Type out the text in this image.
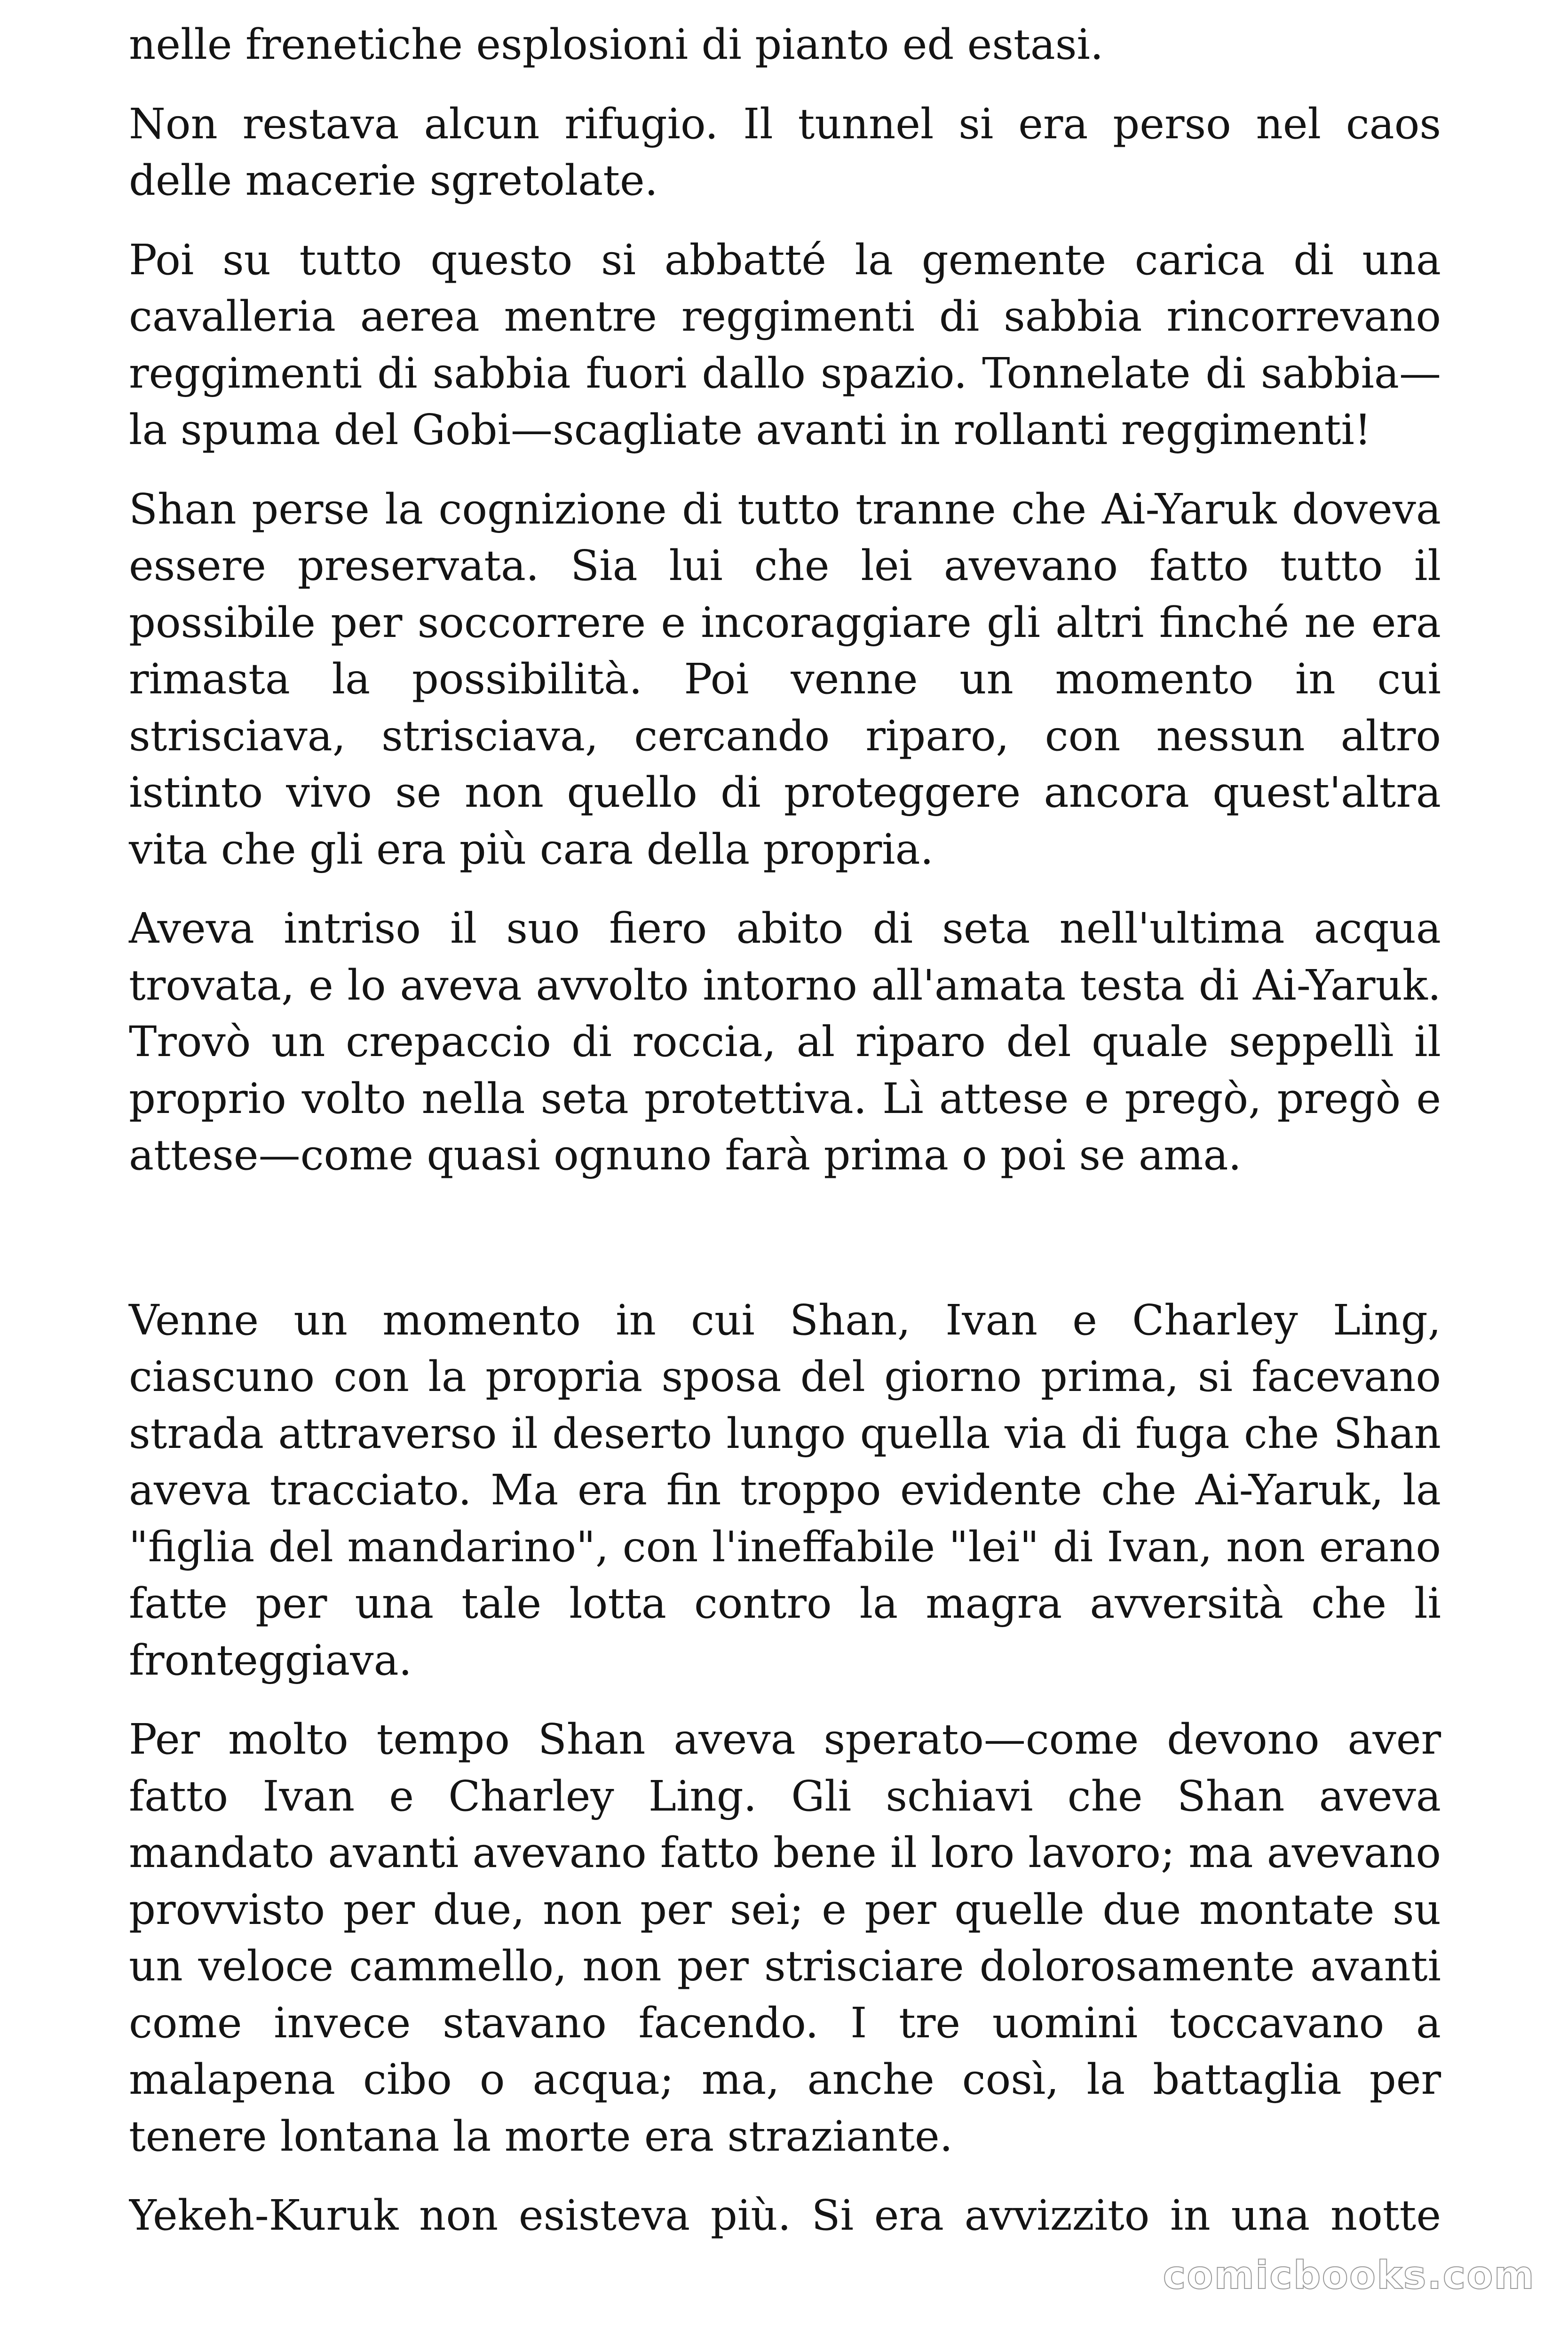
nelle frenetiche esplosioni di pianto ed estasi.

Non restava alcun rifugio. Il tunnel si era perso nel caos delle macerie sgretolate.

Poi su tutto questo si abbatté la gemente carica di una cavalleria aerea mentre reggimenti di sabbia rincorrevano reggimenti di sabbia fuori dallo spazio. Tonnelate di sabbia—la spuma del Gobi—scagliate avanti in rollanti reggimenti!

Shan perse la cognizione di tutto tranne che Ai-Yaruk doveva essere preservata. Sia lui che lei avevano fatto tutto il possibile per soccorrere e incoraggiare gli altri finché ne era rimasta la possibilità. Poi venne un momento in cui strisciava, strisciava, cercando riparo, con nessun altro istinto vivo se non quello di proteggere ancora quest'altra vita che gli era più cara della propria.

Aveva intriso il suo fiero abito di seta nell'ultima acqua trovata, e lo aveva avvolto intorno all'amata testa di Ai-Yaruk. Trovò un crepaccio di roccia, al riparo del quale seppellì il proprio volto nella seta protettiva. Lì attese e pregò, pregò e attese—come quasi ognuno farà prima o poi se ama.

Venne un momento in cui Shan, Ivan e Charley Ling, ciascuno con la propria sposa del giorno prima, si facevano strada attraverso il deserto lungo quella via di fuga che Shan aveva tracciato. Ma era fin troppo evidente che Ai-Yaruk, la "figlia del mandarino", con l'ineffabile "lei" di Ivan, non erano fatte per una tale lotta contro la magra avversità che li fronteggiava.

Per molto tempo Shan aveva sperato—come devono aver fatto Ivan e Charley Ling. Gli schiavi che Shan aveva mandato avanti avevano fatto bene il loro lavoro; ma avevano provvisto per due, non per sei; e per quelle due montate su un veloce cammello, non per strisciare dolorosamente avanti come invece stavano facendo. I tre uomini toccavano a malapena cibo o acqua; ma, anche così, la battaglia per tenere lontana la morte era straziante.

Yekeh-Kuruk non esisteva più. Si era avvizzito in una notte

comicbooks.com
